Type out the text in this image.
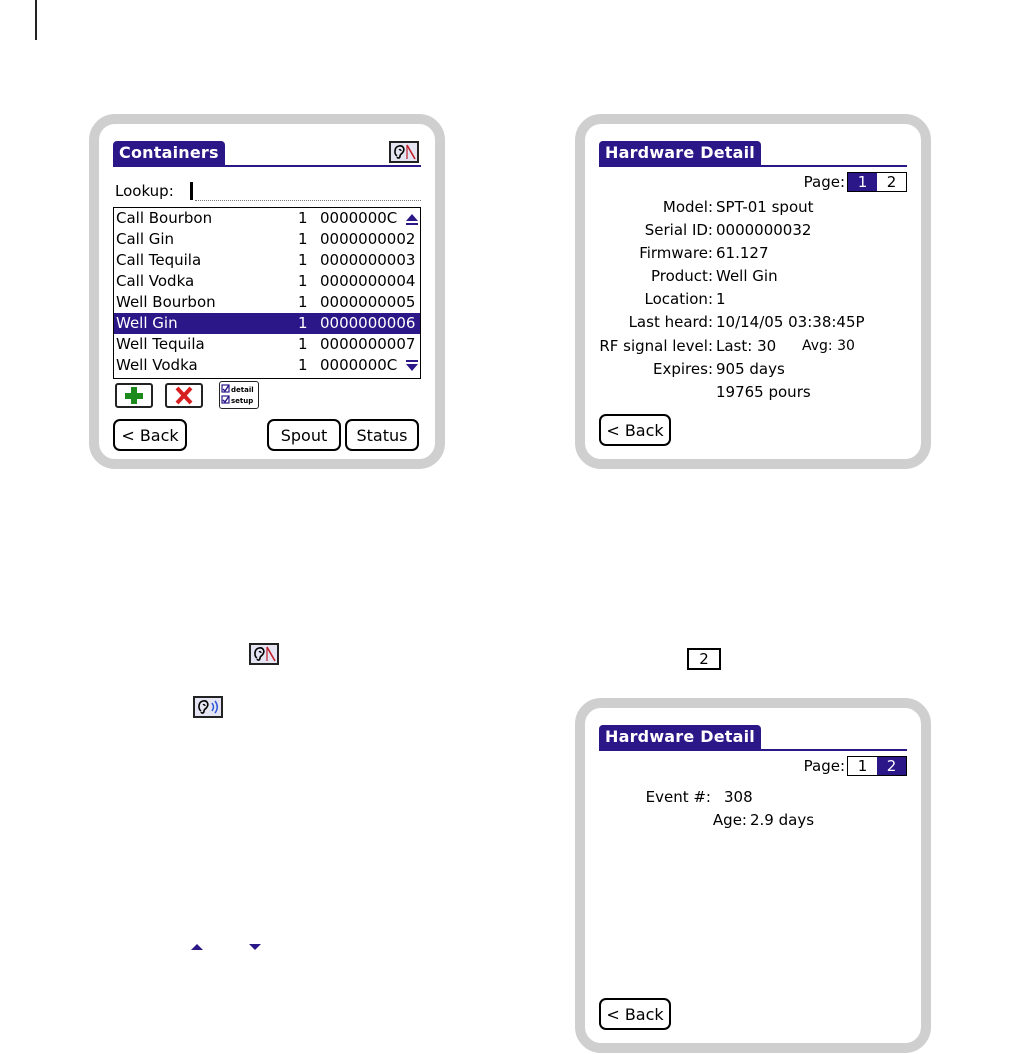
Containers
Lookup:
Call Bourbon	1 0000000C
Call Gin	1 0000000002
Call Tequila	1 0000000003
Call Vodka	1 0000000004
Well Bourbon	1 0000000005
Well Gin	1 0000000006
Well Tequila	1 0000000007
Well Vodka	1 0000000C
detail
setup
< Back	Spout	Status
Hardware Detail
Page: 1	2
Model: SPT-01 spout
Serial ID: 0000000032
Firmware: 61.127
Product: Well Gin
Location: 1
Last heard: 10/14/05 03:38:45P
RF signal level: Last: 30 Avg: 30
Expires: 905 days
19765 pours
< Back
Hardware Detail
Page: 1	2
Event #: 308
Age: 2.9 days
< Back
2
